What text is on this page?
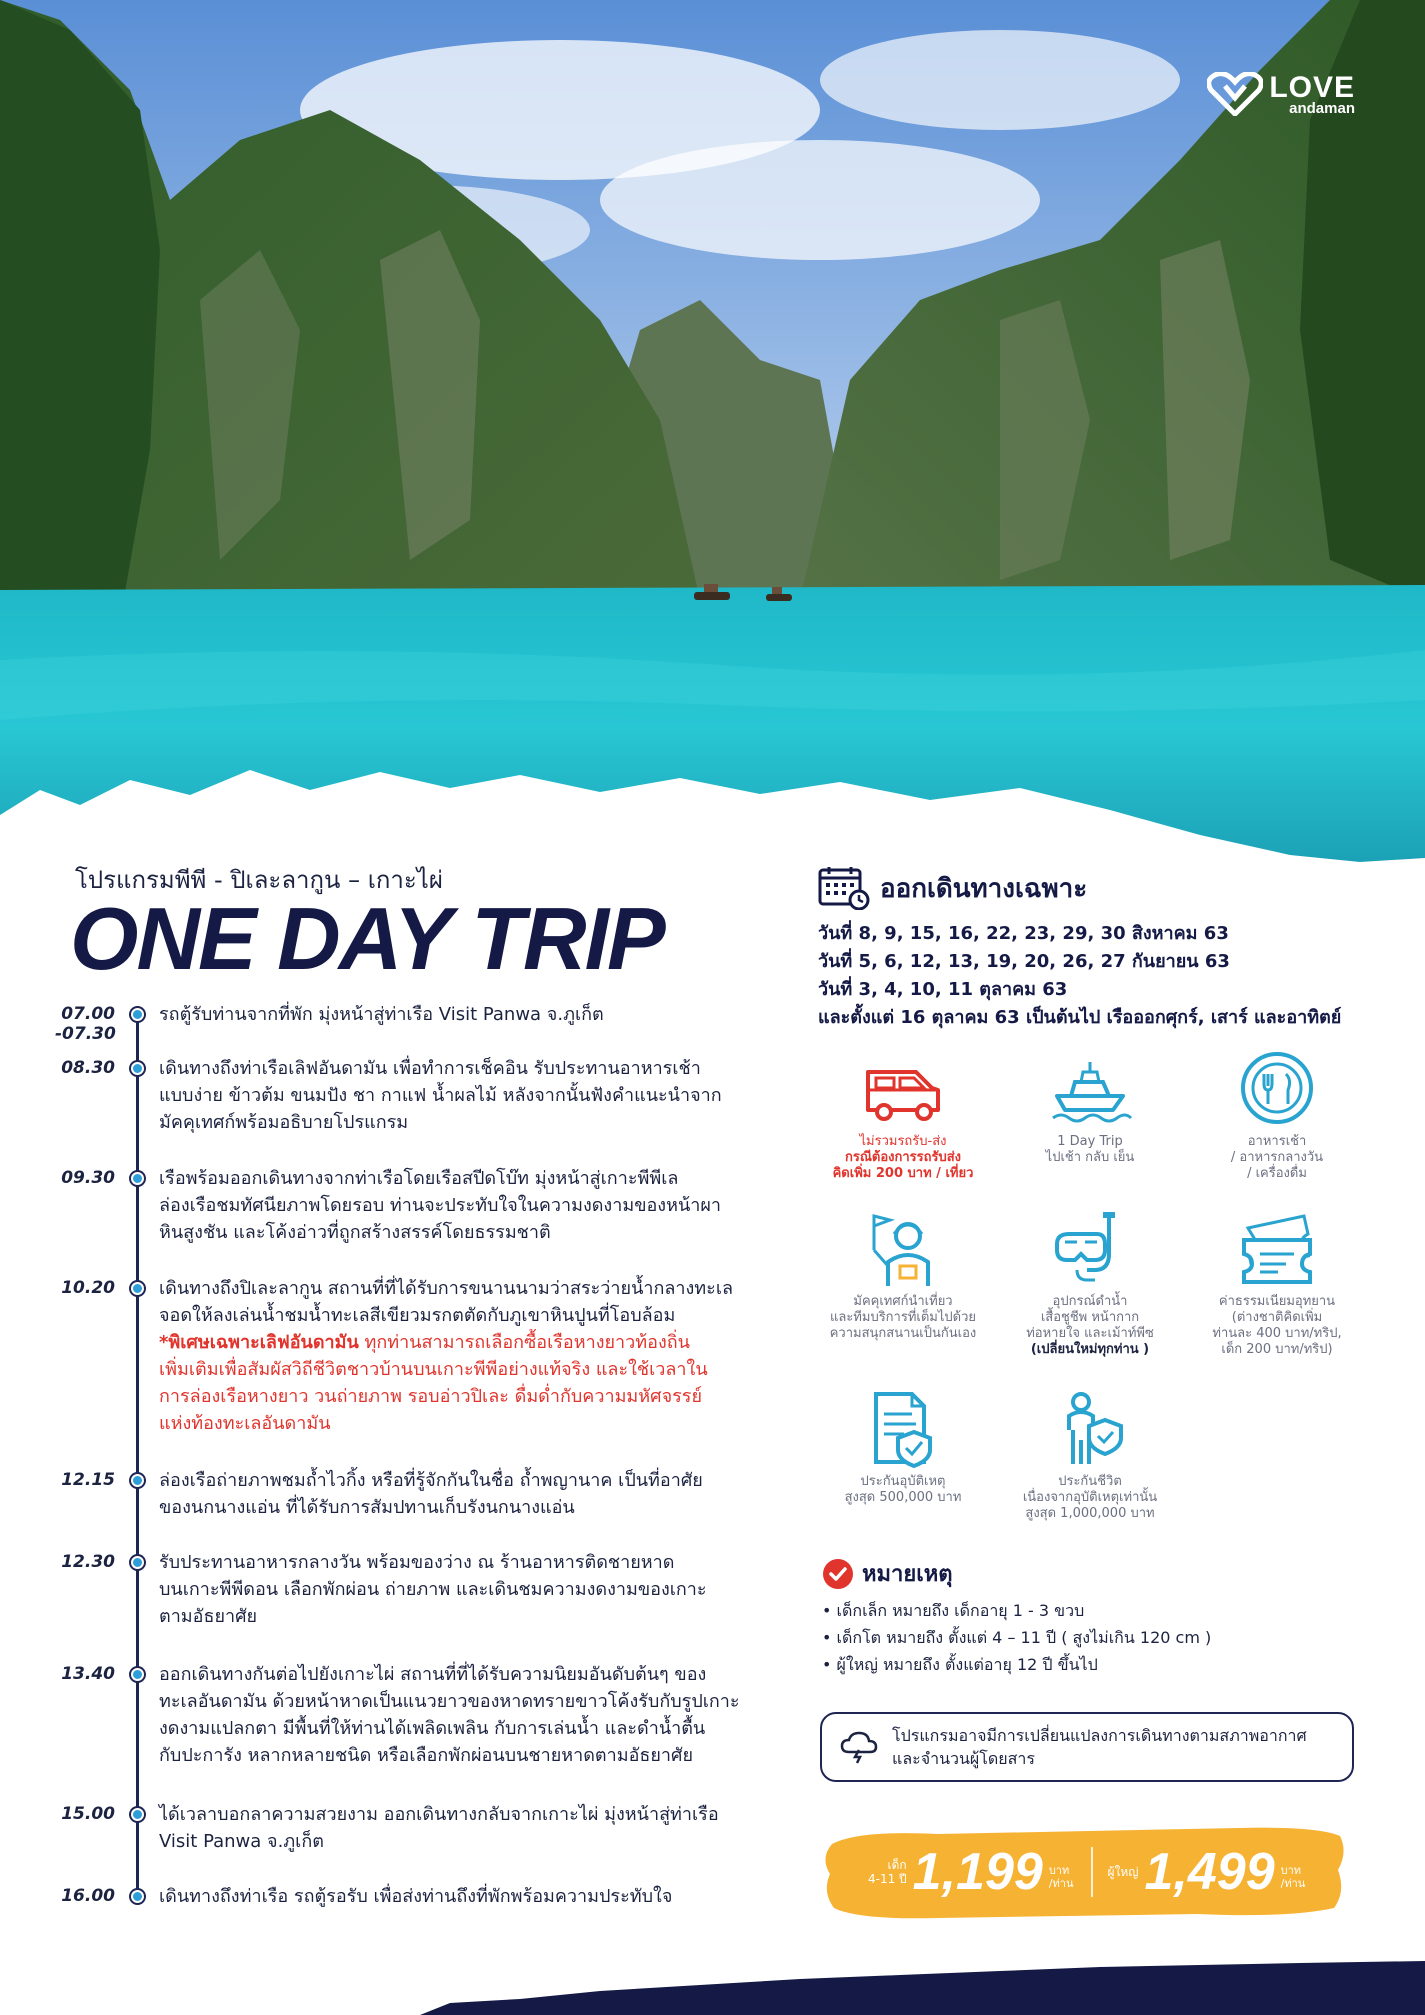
LOVE
andaman
โปรแกรมพีพี - ปิเละลากูน – เกาะไผ่
ONE DAY TRIP
07.00
-07.30
รถตู้รับท่านจากที่พัก มุ่งหน้าสู่ท่าเรือ Visit Panwa จ.ภูเก็ต
08.30 เดินทางถึงท่าเรือเลิฟอันดามัน เพื่อทำการเช็คอิน รับประทานอาหารเช้า
แบบง่าย ข้าวต้ม ขนมปัง ชา กาแฟ น้ำผลไม้ หลังจากนั้นฟังคำแนะนำจาก
มัคคุเทศก์พร้อมอธิบายโปรแกรม
09.30 เรือพร้อมออกเดินทางจากท่าเรือโดยเรือสปีดโบ๊ท มุ่งหน้าสู่เกาะพีพีเล
ล่องเรือชมทัศนียภาพโดยรอบ ท่านจะประทับใจในความงดงามของหน้าผา
หินสูงชัน และโค้งอ่าวที่ถูกสร้างสรรค์โดยธรรมชาติ
10.20 เดินทางถึงปิเละลากูน สถานที่ที่ได้รับการขนานนามว่าสระว่ายน้ำกลางทะเล
จอดให้ลงเล่นน้ำชมน้ำทะเลสีเขียวมรกตตัดกับภูเขาหินปูนที่โอบล้อม
*พิเศษเฉพาะเลิฟอันดามัน ทุกท่านสามารถเลือกซื้อเรือหางยาวท้องถิ่น
เพิ่มเติมเพื่อสัมผัสวิถีชีวิตชาวบ้านบนเกาะพีพีอย่างแท้จริง และใช้เวลาใน
การล่องเรือหางยาว วนถ่ายภาพ รอบอ่าวปิเละ ดื่มด่ำกับความมหัศจรรย์
แห่งท้องทะเลอันดามัน
12.15 ล่องเรือถ่ายภาพชมถ้ำไวกิ้ง หรือที่รู้จักกันในชื่อ ถ้ำพญานาค เป็นที่อาศัย
ของนกนางแอ่น ที่ได้รับการสัมปทานเก็บรังนกนางแอ่น
12.30 รับประทานอาหารกลางวัน พร้อมของว่าง ณ ร้านอาหารติดชายหาด
บนเกาะพีพีดอน เลือกพักผ่อน ถ่ายภาพ และเดินชมความงดงามของเกาะ
ตามอัธยาศัย
13.40 ออกเดินทางกันต่อไปยังเกาะไผ่ สถานที่ที่ได้รับความนิยมอันดับต้นๆ ของ
ทะเลอันดามัน ด้วยหน้าหาดเป็นแนวยาวของหาดทรายขาวโค้งรับกับรูปเกาะ
งดงามแปลกตา มีพื้นที่ให้ท่านได้เพลิดเพลิน กับการเล่นน้ำ และดำน้ำตื้น
กับปะการัง หลากหลายชนิด หรือเลือกพักผ่อนบนชายหาดตามอัธยาศัย
15.00 ได้เวลาบอกลาความสวยงาม ออกเดินทางกลับจากเกาะไผ่ มุ่งหน้าสู่ท่าเรือ
Visit Panwa จ.ภูเก็ต
16.00 เดินทางถึงท่าเรือ รถตู้รอรับ เพื่อส่งท่านถึงที่พักพร้อมความประทับใจ
ออกเดินทางเฉพาะ
วันที่ 8, 9, 15, 16, 22, 23, 29, 30 สิงหาคม 63
วันที่ 5, 6, 12, 13, 19, 20, 26, 27 กันยายน 63
วันที่ 3, 4, 10, 11 ตุลาคม 63
และตั้งแต่ 16 ตุลาคม 63 เป็นต้นไป เรือออกศุกร์, เสาร์ และอาทิตย์
ไม่รวมรถรับ-ส่ง
กรณีต้องการรถรับส่ง
คิดเพิ่ม 200 บาท / เที่ยว
1 Day Trip
ไปเช้า กลับ เย็น
อาหารเช้า
/ อาหารกลางวัน
/ เครื่องดื่ม
มัคคุเทศก์นำเที่ยว
และทีมบริการที่เต็มไปด้วย
ความสนุกสนานเป็นกันเอง
อุปกรณ์ดำน้ำ
เสื้อชูชีพ หน้ากาก
ท่อหายใจ และเม้าท์พีซ
(เปลี่ยนใหม่ทุกท่าน )
ค่าธรรมเนียมอุทยาน
(ต่างชาติคิดเพิ่ม
ท่านละ 400 บาท/ทริป,
เด็ก 200 บาท/ทริป)
ประกันอุบัติเหตุ
สูงสุด 500,000 บาท
ประกันชีวิต
เนื่องจากอุบัติเหตุเท่านั้น
สูงสุด 1,000,000 บาท
หมายเหตุ
• เด็กเล็ก หมายถึง เด็กอายุ 1 - 3 ขวบ
• เด็กโต หมายถึง ตั้งแต่ 4 – 11 ปี ( สูงไม่เกิน 120 cm )
• ผู้ใหญ่ หมายถึง ตั้งแต่อายุ 12 ปี ขึ้นไป
โปรแกรมอาจมีการเปลี่ยนแปลงการเดินทางตามสภาพอากาศ
และจำนวนผู้โดยสาร
เด็ก
4-11 ปี 1,199 บาท
/ท่าน
ผู้ใหญ่ 1,499 บาท
/ท่าน
